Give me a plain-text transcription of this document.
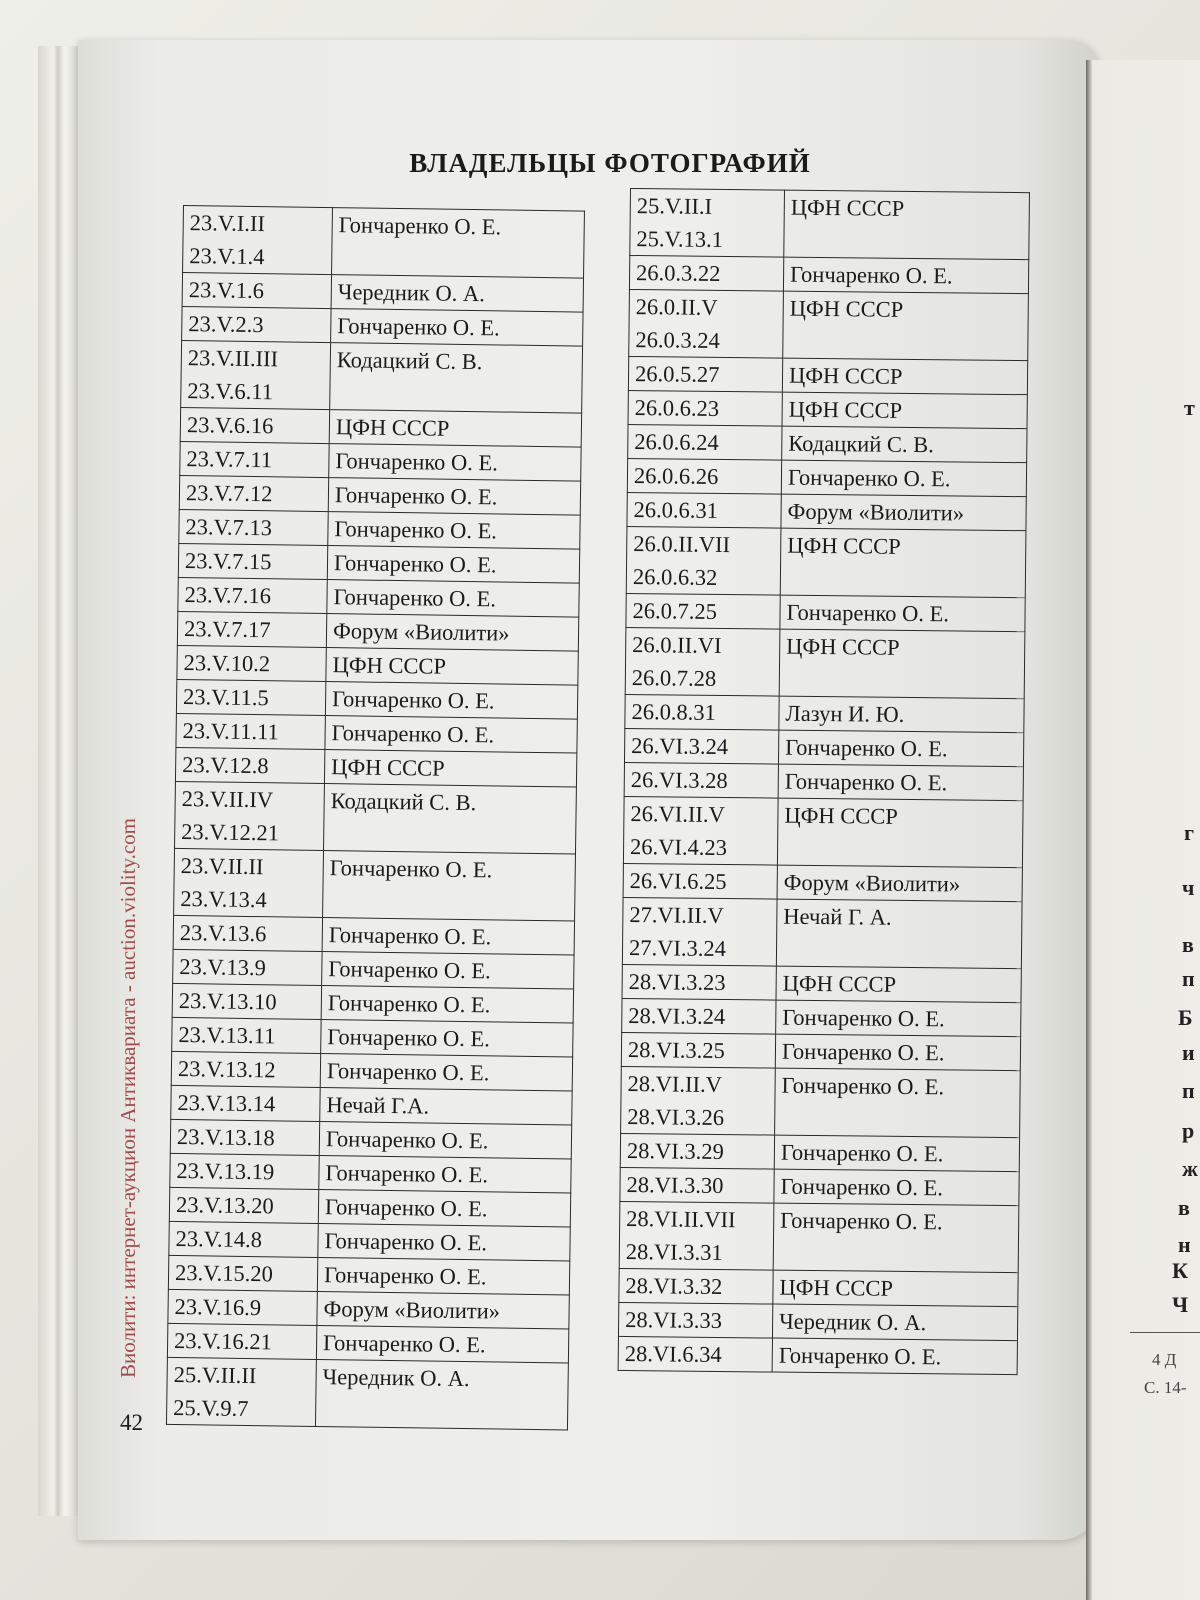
т
г
ч
в
п
Б
и
п
р
ж
в
н
К
Ч
4 Д
С. 14-
ВЛАДЕЛЬЦЫ ФОТОГРАФИЙ
Виолити: интернет-аукцион Антиквариата - auction.violity.com
23.V.I.II
23.V.1.4	Гончаренко О. Е.

23.V.1.6	Чередник О. А.

23.V.2.3	Гончаренко О. Е.

23.V.II.III
23.V.6.11	Кодацкий С. В.

23.V.6.16	ЦФН СССР

23.V.7.11	Гончаренко О. Е.

23.V.7.12	Гончаренко О. Е.

23.V.7.13	Гончаренко О. Е.

23.V.7.15	Гончаренко О. Е.

23.V.7.16	Гончаренко О. Е.

23.V.7.17	Форум «Виолити»

23.V.10.2	ЦФН СССР

23.V.11.5	Гончаренко О. Е.

23.V.11.11	Гончаренко О. Е.

23.V.12.8	ЦФН СССР

23.V.II.IV
23.V.12.21	Кодацкий С. В.

23.V.II.II
23.V.13.4	Гончаренко О. Е.

23.V.13.6	Гончаренко О. Е.

23.V.13.9	Гончаренко О. Е.

23.V.13.10	Гончаренко О. Е.

23.V.13.11	Гончаренко О. Е.

23.V.13.12	Гончаренко О. Е.

23.V.13.14	Нечай Г.А.

23.V.13.18	Гончаренко О. Е.

23.V.13.19	Гончаренко О. Е.

23.V.13.20	Гончаренко О. Е.

23.V.14.8	Гончаренко О. Е.

23.V.15.20	Гончаренко О. Е.

23.V.16.9	Форум «Виолити»

23.V.16.21	Гончаренко О. Е.

25.V.II.II
25.V.9.7	Чередник О. А.
25.V.II.I
25.V.13.1	ЦФН СССР

26.0.3.22	Гончаренко О. Е.

26.0.II.V
26.0.3.24	ЦФН СССР

26.0.5.27	ЦФН СССР

26.0.6.23	ЦФН СССР

26.0.6.24	Кодацкий С. В.

26.0.6.26	Гончаренко О. Е.

26.0.6.31	Форум «Виолити»

26.0.II.VII
26.0.6.32	ЦФН СССР

26.0.7.25	Гончаренко О. Е.

26.0.II.VI
26.0.7.28	ЦФН СССР

26.0.8.31	Лазун И. Ю.

26.VI.3.24	Гончаренко О. Е.

26.VI.3.28	Гончаренко О. Е.

26.VI.II.V
26.VI.4.23	ЦФН СССР

26.VI.6.25	Форум «Виолити»

27.VI.II.V
27.VI.3.24	Нечай Г. А.

28.VI.3.23	ЦФН СССР

28.VI.3.24	Гончаренко О. Е.

28.VI.3.25	Гончаренко О. Е.

28.VI.II.V
28.VI.3.26	Гончаренко О. Е.

28.VI.3.29	Гончаренко О. Е.

28.VI.3.30	Гончаренко О. Е.

28.VI.II.VII
28.VI.3.31	Гончаренко О. Е.

28.VI.3.32	ЦФН СССР

28.VI.3.33	Чередник О. А.

28.VI.6.34	Гончаренко О. Е.
42
